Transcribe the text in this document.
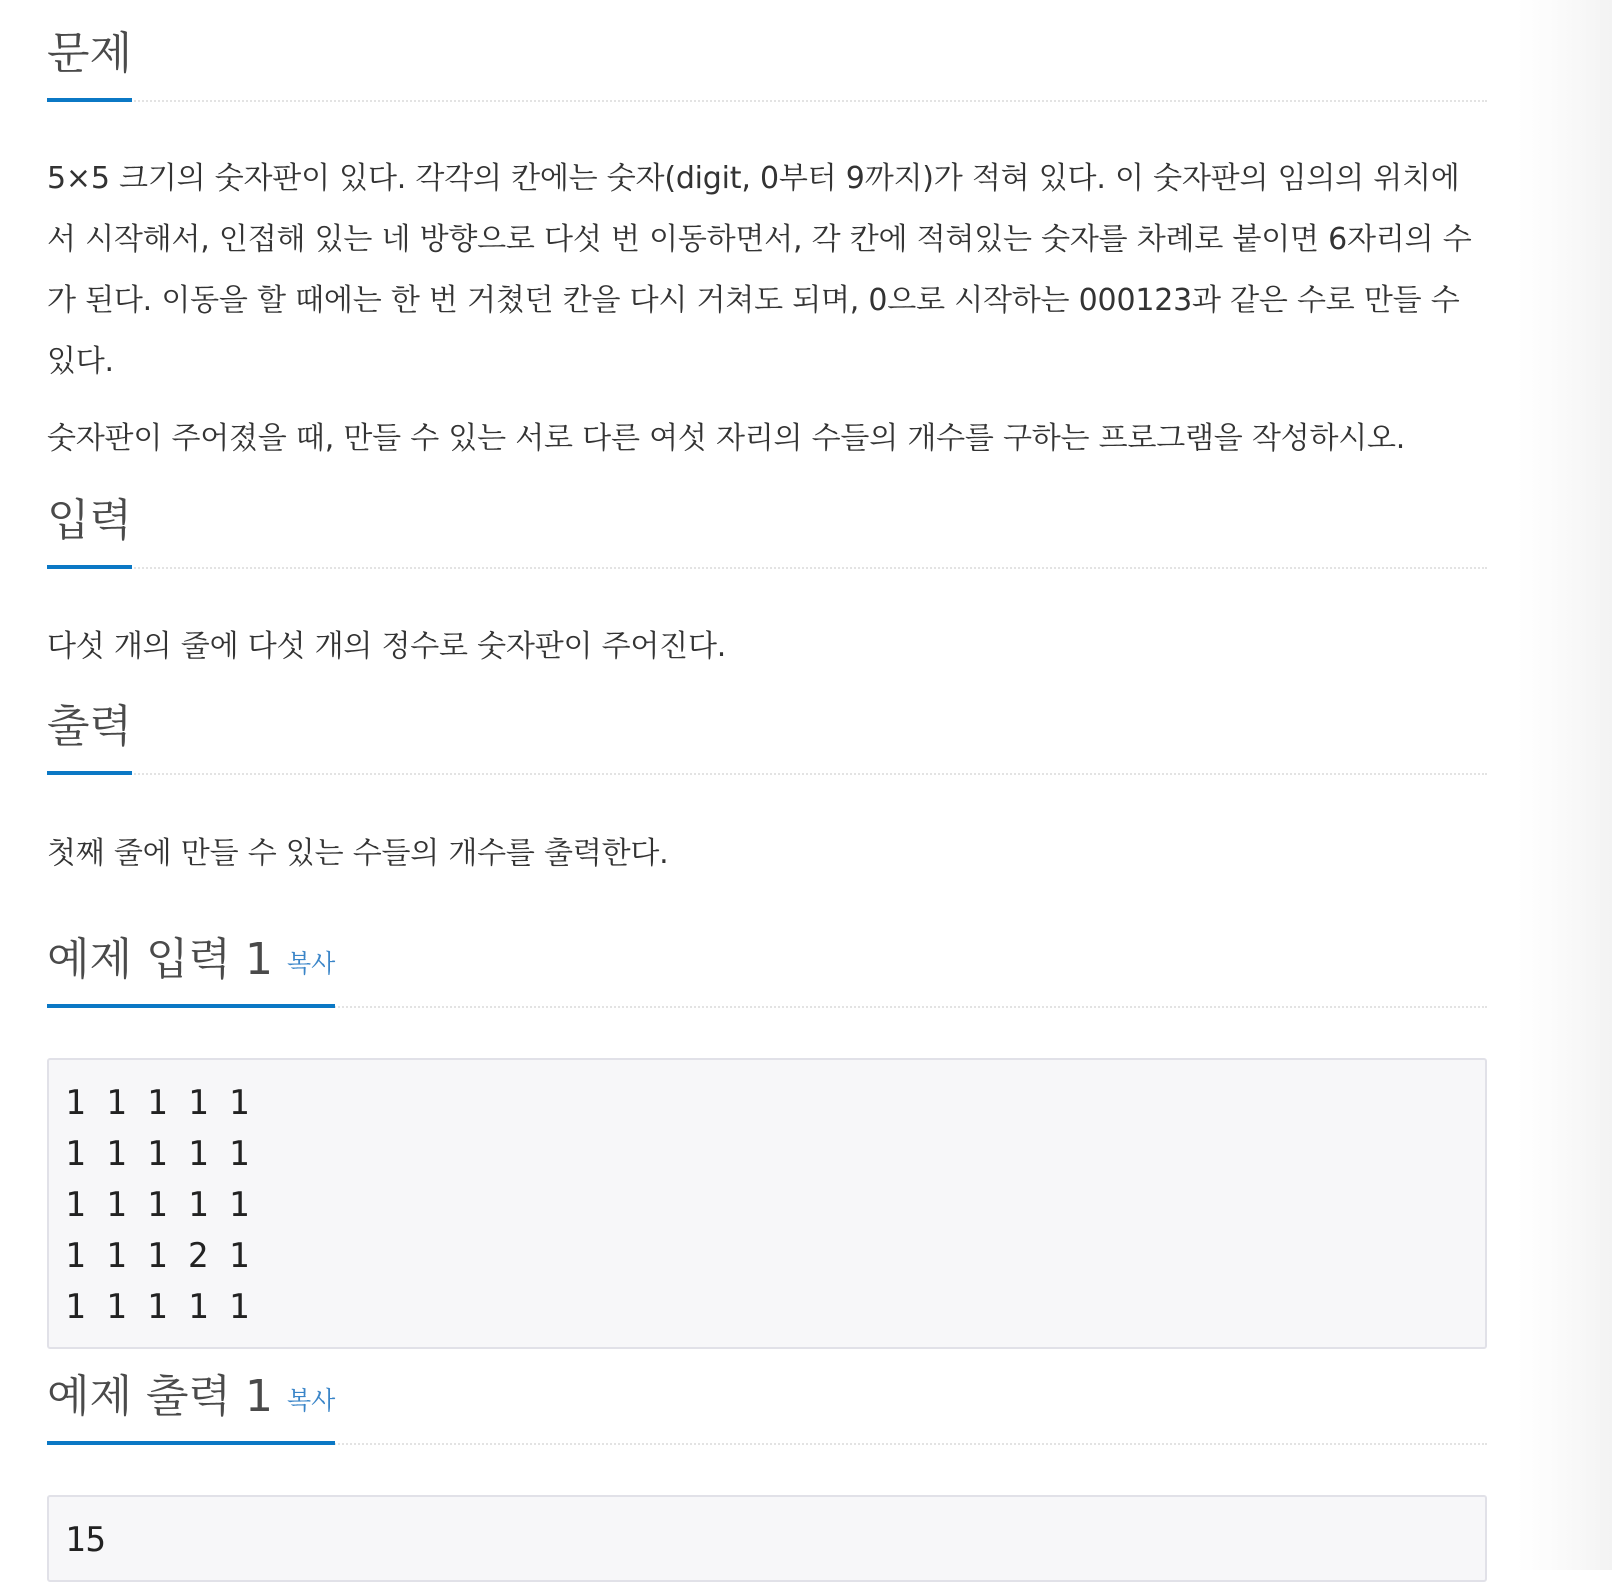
문제

5×5 크기의 숫자판이 있다. 각각의 칸에는 숫자(digit, 0부터 9까지)가 적혀 있다. 이 숫자판의 임의의 위치에서 시작해서, 인접해 있는 네 방향으로 다섯 번 이동하면서, 각 칸에 적혀있는 숫자를 차례로 붙이면 6자리의 수가 된다. 이동을 할 때에는 한 번 거쳤던 칸을 다시 거쳐도 되며, 0으로 시작하는 000123과 같은 수로 만들 수 있다.

숫자판이 주어졌을 때, 만들 수 있는 서로 다른 여섯 자리의 수들의 개수를 구하는 프로그램을 작성하시오.

입력

다섯 개의 줄에 다섯 개의 정수로 숫자판이 주어진다.

출력

첫째 줄에 만들 수 있는 수들의 개수를 출력한다.

예제 입력 1 복사
1 1 1 1 1
1 1 1 1 1
1 1 1 1 1
1 1 1 2 1
1 1 1 1 1
예제 출력 1 복사
15
